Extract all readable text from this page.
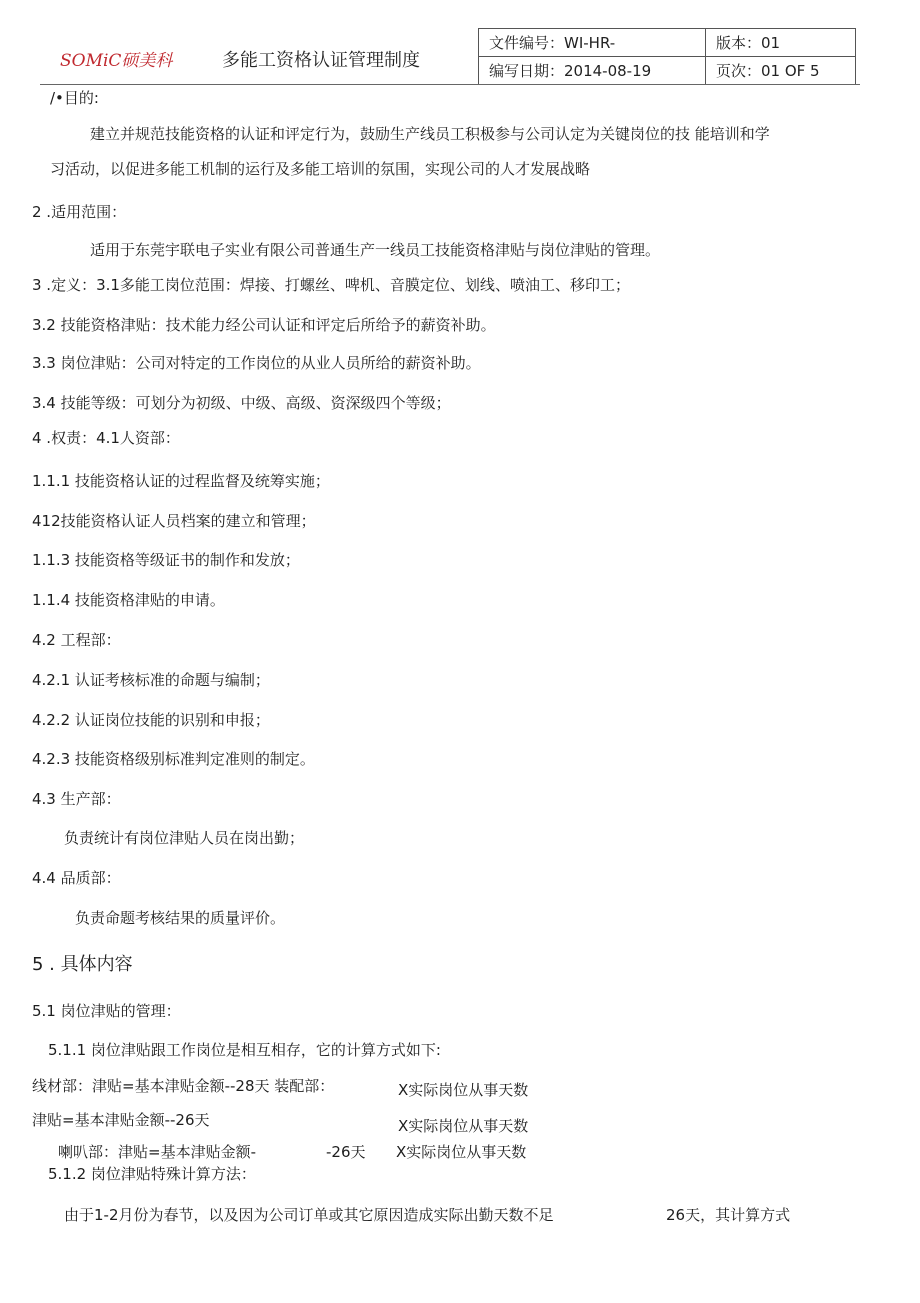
SOMiC硕美科	多能工资格认证管理制度
文件编号：WI-HR-	版本：01
编写日期：2014-08-19	页次：01 OF 5
/•目的:
建立并规范技能资格的认证和评定行为，鼓励生产线员工积极参与公司认定为关键岗位的技 能培训和学
习活动，以促进多能工机制的运行及多能工培训的氛围，实现公司的人才发展战略
2 .适用范围：
适用于东莞宇联电子实业有限公司普通生产一线员工技能资格津贴与岗位津贴的管理。
3 .定义：3.1多能工岗位范围：焊接、打螺丝、啤机、音膜定位、划线、喷油工、移印工；
3.2 技能资格津贴：技术能力经公司认证和评定后所给予的薪资补助。
3.3 岗位津贴：公司对特定的工作岗位的从业人员所给的薪资补助。
3.4 技能等级：可划分为初级、中级、高级、资深级四个等级；
4 .权责：4.1人资部：
1.1.1 技能资格认证的过程监督及统筹实施；
412技能资格认证人员档案的建立和管理；
1.1.3 技能资格等级证书的制作和发放；
1.1.4 技能资格津贴的申请。
4.2 工程部：
4.2.1 认证考核标准的命题与编制；
4.2.2 认证岗位技能的识别和申报；
4.2.3 技能资格级别标准判定准则的制定。
4.3 生产部：
负责统计有岗位津贴人员在岗出勤；
4.4 品质部：
负责命题考核结果的质量评价。
5 . 具体内容
5.1 岗位津贴的管理：
5.1.1 岗位津贴跟工作岗位是相互相存，它的计算方式如下:
线材部：津贴=基本津贴金额--28天 装配部：	X实际岗位从事天数
津贴=基本津贴金额--26天	X实际岗位从事天数
喇叭部：津贴=基本津贴金额-	-26天 X实际岗位从事天数
5.1.2 岗位津贴特殊计算方法：
由于1-2月份为春节，以及因为公司订单或其它原因造成实际出勤天数不足	26天，其计算方式
